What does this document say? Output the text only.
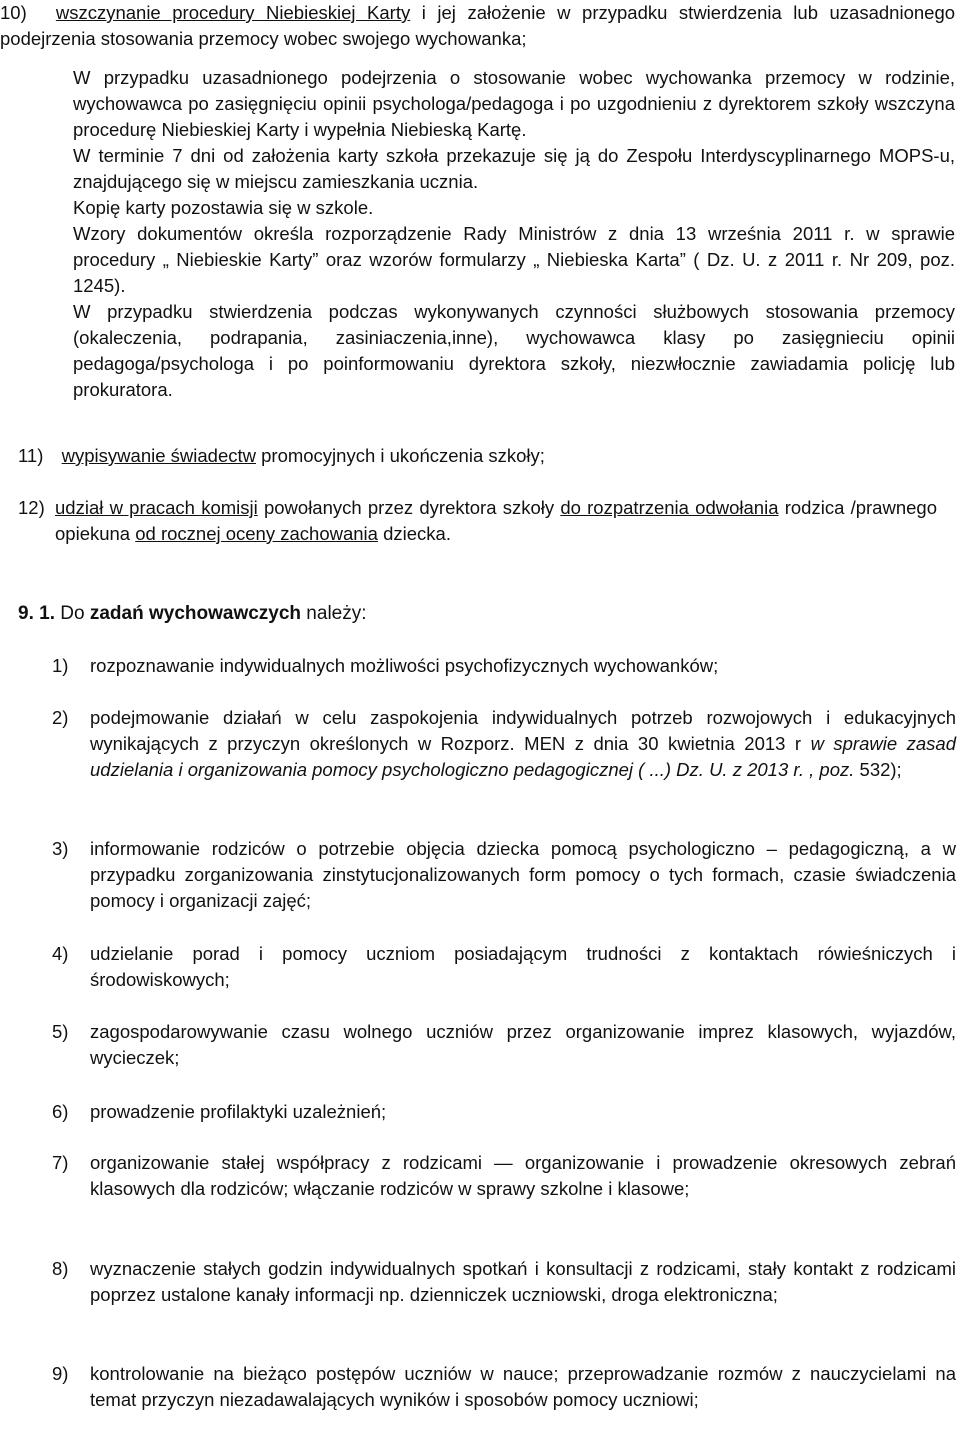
10) wszczynanie procedury Niebieskiej Karty i jej założenie w przypadku stwierdzenia lub uzasadnionego podejrzenia stosowania przemocy wobec swojego wychowanka;
W przypadku uzasadnionego podejrzenia o stosowanie wobec wychowanka przemocy w rodzinie, wychowawca po zasięgnięciu opinii psychologa/pedagoga i po uzgodnieniu z dyrektorem szkoły wszczyna procedurę Niebieskiej Karty i wypełnia Niebieską Kartę.
W terminie 7 dni od założenia karty szkoła przekazuje się ją do Zespołu Interdyscyplinarnego MOPS-u, znajdującego się w miejscu zamieszkania ucznia.
Kopię karty pozostawia się w szkole.
Wzory dokumentów określa rozporządzenie Rady Ministrów z dnia 13 września 2011 r. w sprawie procedury „ Niebieskie Karty” oraz wzorów formularzy „ Niebieska Karta” ( Dz. U. z 2011 r. Nr 209, poz. 1245).
W przypadku stwierdzenia podczas wykonywanych czynności służbowych stosowania przemocy (okaleczenia, podrapania, zasiniaczenia,inne), wychowawca klasy po zasięgnieciu opinii pedagoga/psychologa i po poinformowaniu dyrektora szkoły, niezwłocznie zawiadamia policję lub prokuratora.
11) wypisywanie świadectw promocyjnych i ukończenia szkoły;
12) udział w pracach komisji powołanych przez dyrektora szkoły do rozpatrzenia odwołania rodzica /prawnego opiekuna od rocznej oceny zachowania dziecka.
9. 1. Do zadań wychowawczych należy:
1) rozpoznawanie indywidualnych możliwości psychofizycznych wychowanków;
2) podejmowanie działań w celu zaspokojenia indywidualnych potrzeb rozwojowych i edukacyjnych wynikających z przyczyn określonych w Rozporz. MEN z dnia 30 kwietnia 2013 r w sprawie zasad udzielania i organizowania pomocy psychologiczno pedagogicznej ( ...) Dz. U. z 2013 r. , poz. 532);
3) informowanie rodziców o potrzebie objęcia dziecka pomocą psychologiczno – pedagogiczną, a w przypadku zorganizowania zinstytucjonalizowanych form pomocy o tych formach, czasie świadczenia pomocy i organizacji zajęć;
4) udzielanie porad i pomocy uczniom posiadającym trudności z kontaktach rówieśniczych i środowiskowych;
5) zagospodarowywanie czasu wolnego uczniów przez organizowanie imprez klasowych, wyjazdów, wycieczek;
6) prowadzenie profilaktyki uzależnień;
7) organizowanie stałej współpracy z rodzicami — organizowanie i prowadzenie okresowych zebrań klasowych dla rodziców; włączanie rodziców w sprawy szkolne i klasowe;
8) wyznaczenie stałych godzin indywidualnych spotkań i konsultacji z rodzicami, stały kontakt z rodzicami poprzez ustalone kanały informacji np. dzienniczek uczniowski, droga elektroniczna;
9) kontrolowanie na bieżąco postępów uczniów w nauce; przeprowadzanie rozmów z nauczycielami na temat przyczyn niezadawalających wyników i sposobów pomocy uczniowi;
